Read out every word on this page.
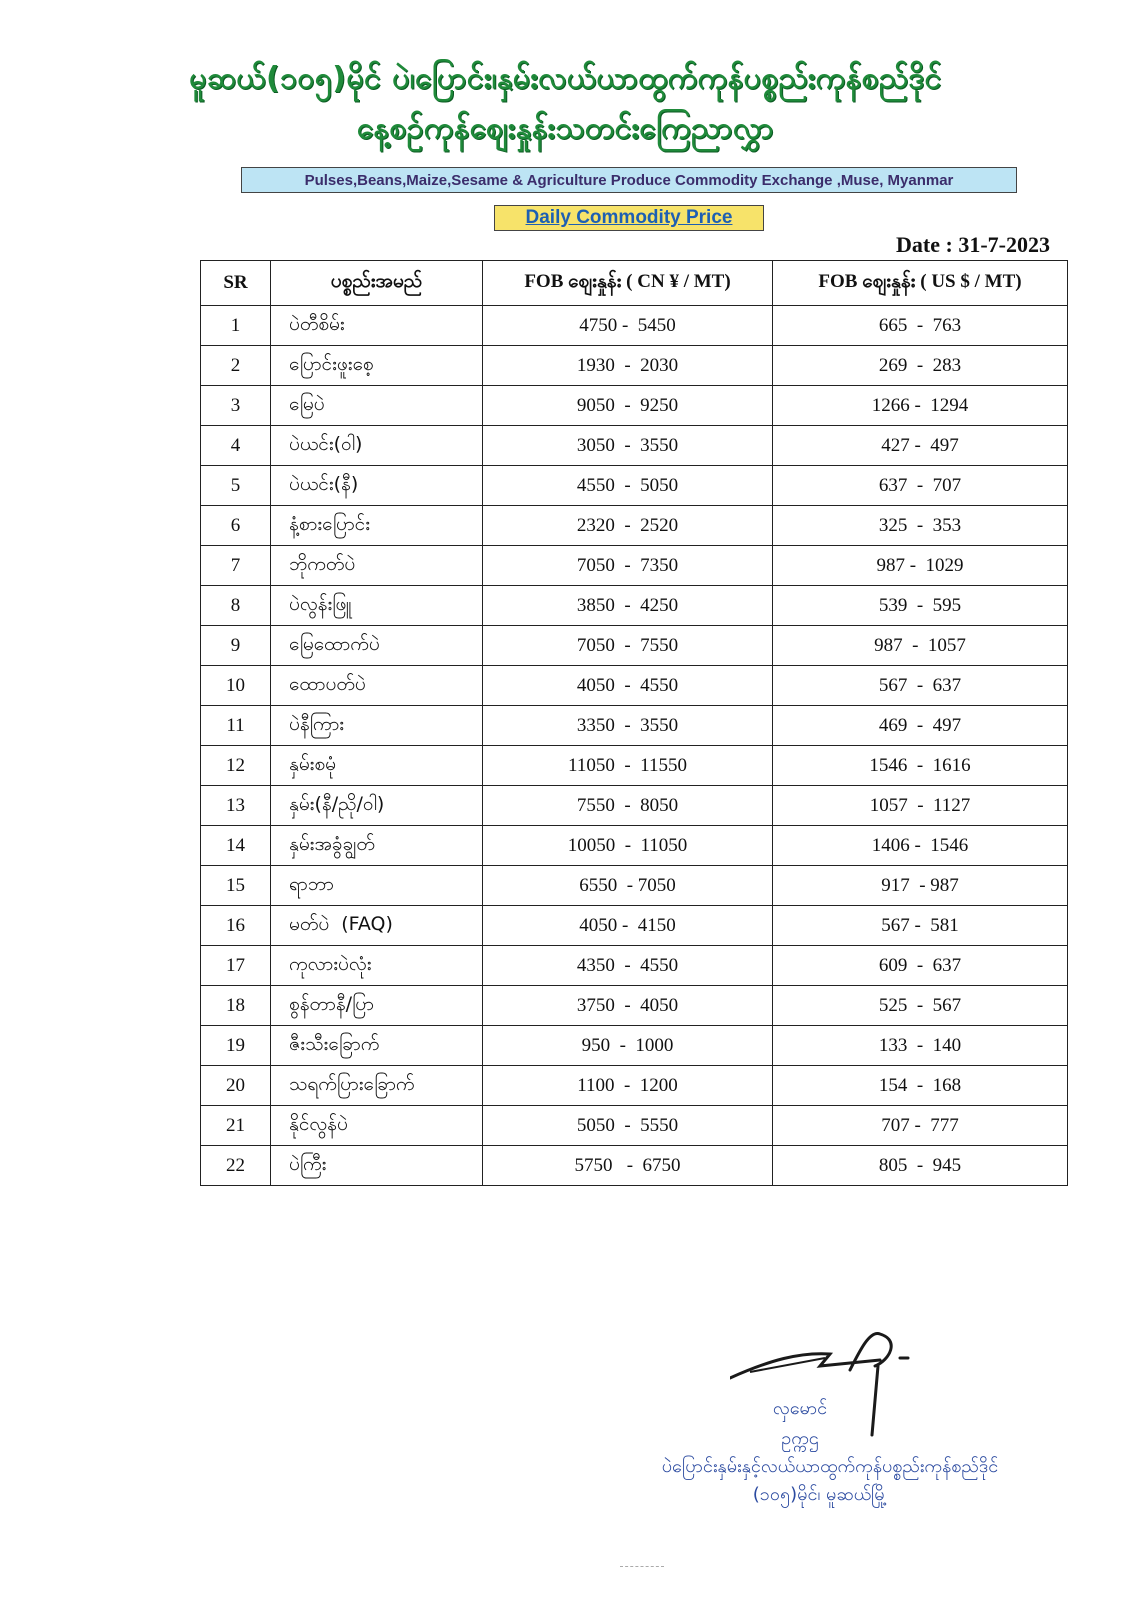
မူဆယ်(၁၀၅)မိုင် ပဲ၊ပြောင်း၊နှမ်းလယ်ယာထွက်ကုန်ပစ္စည်းကုန်စည်ဒိုင်
နေ့စဉ်ကုန်စျေးနှုန်းသတင်းကြေညာလွှာ
Pulses,Beans,Maize,Sesame & Agriculture Produce Commodity Exchange ,Muse, Myanmar
Daily Commodity Price
Date : 31-7-2023
SR	ပစ္စည်းအမည်	FOB စျေးနှုန်း ( CN ¥ / MT)	FOB စျေးနှုန်း ( US $ / MT)
1	ပဲတီစိမ်း	4750 -  5450	665  -  763
2	ပြောင်းဖူးစေ့	1930  -  2030	269  -  283
3	မြေပဲ	9050  -  9250	1266 -  1294
4	ပဲယင်း(ဝါ)	3050  -  3550	427 -  497
5	ပဲယင်း(နီ)	4550  -  5050	637  -  707
6	နံ့စားပြောင်း	2320  -  2520	325  -  353
7	ဘိုကတ်ပဲ	7050  -  7350	987 -  1029
8	ပဲလွန်းဖြူ	3850  -  4250	539  -  595
9	မြေထောက်ပဲ	7050  -  7550	987  -  1057
10	ထောပတ်ပဲ	4050  -  4550	567  -  637
11	ပဲနီကြား	3350  -  3550	469  -  497
12	နှမ်းစမုံ	11050  -  11550	1546  -  1616
13	နှမ်း(နီ/ညို/ဝါ)	7550  -  8050	1057  -  1127
14	နှမ်းအခွံချွတ်	10050  -  11050	1406 -  1546
15	ရာဘာ	6550  - 7050	917  - 987
16	မတ်ပဲ  (FAQ)	4050 -  4150	567 -  581
17	ကုလားပဲလုံး	4350  -  4550	609  -  637
18	စွန်တာနီ/ပြာ	3750  -  4050	525  -  567
19	ဇီးသီးခြောက်	950  -  1000	133  -  140
20	သရက်ပြားခြောက်	1100  -  1200	154  -  168
21	နိုင်လွန်ပဲ	5050  -  5550	707 -  777
22	ပဲကြီး	5750   -  6750	805  -  945
လှမောင်
ဥက္ကဌ
ပဲပြောင်းနှမ်းနှင့်လယ်ယာထွက်ကုန်ပစ္စည်းကုန်စည်ဒိုင်
(၁၀၅)မိုင်၊ မူဆယ်မြို့
